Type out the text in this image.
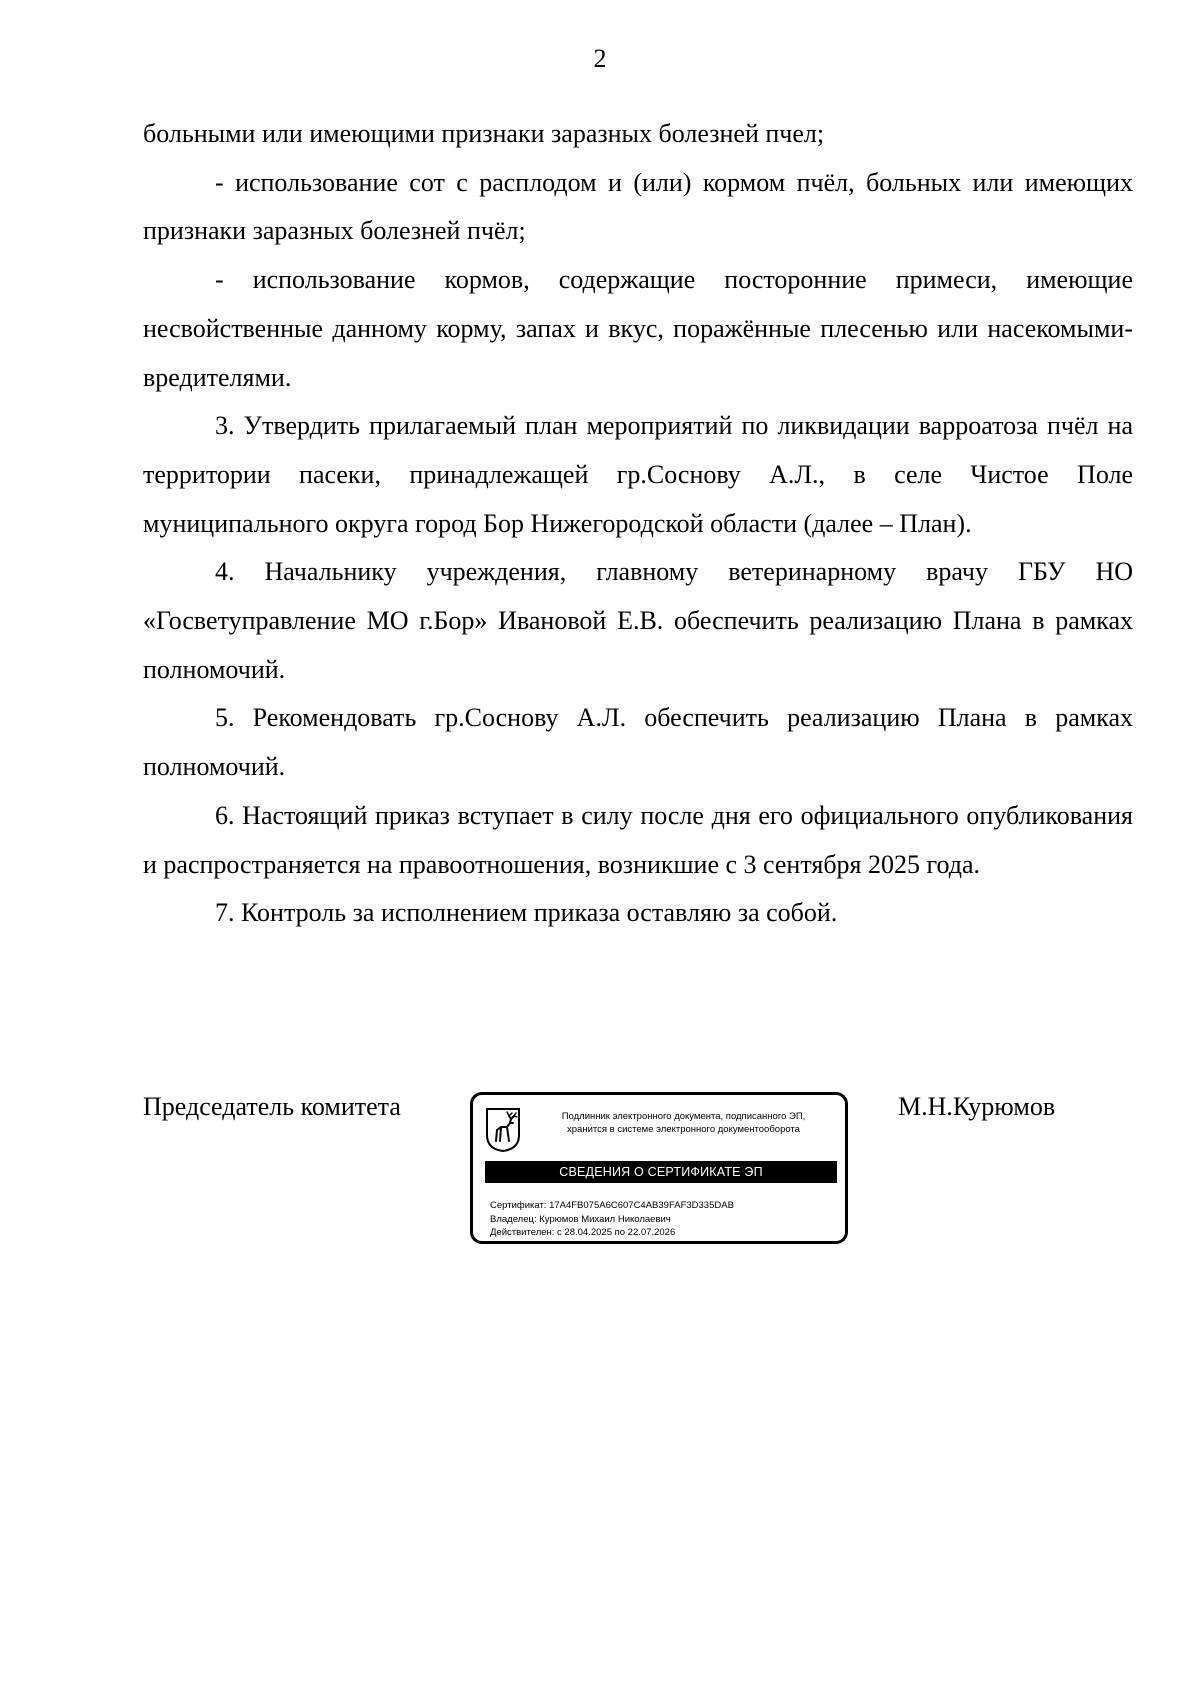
2

больными или имеющими признаки заразных болезней пчел;

- использование сот с расплодом и (или) кормом пчёл, больных или имеющих признаки заразных болезней пчёл;

- использование кормов, содержащие посторонние примеси, имеющие несвойственные данному корму, запах и вкус, поражённые плесенью или насекомыми-вредителями.

3. Утвердить прилагаемый план мероприятий по ликвидации варроатоза пчёл на территории пасеки, принадлежащей гр.Соснову А.Л., в селе Чистое Поле муниципального округа город Бор Нижегородской области (далее – План).

4. Начальнику учреждения, главному ветеринарному врачу ГБУ НО «Госветуправление МО г.Бор» Ивановой Е.В. обеспечить реализацию Плана в рамках полномочий.

5. Рекомендовать гр.Соснову А.Л. обеспечить реализацию Плана в рамках полномочий.

6. Настоящий приказ вступает в силу после дня его официального опубликования и распространяется на правоотношения, возникшие с 3 сентября 2025 года.

7. Контроль за исполнением приказа оставляю за собой.

Председатель комитета	Подлинник электронного документа, подписанного ЭП,
хранится в системе электронного документооборота
СВЕДЕНИЯ О СЕРТИФИКАТЕ ЭП
Сертификат: 17A4FB075A6C607C4AB39FAF3D335DAB
Владелец: Курюмов Михаил Николаевич
Действителен: с 28.04.2025 по 22.07.2026
М.Н.Курюмов
